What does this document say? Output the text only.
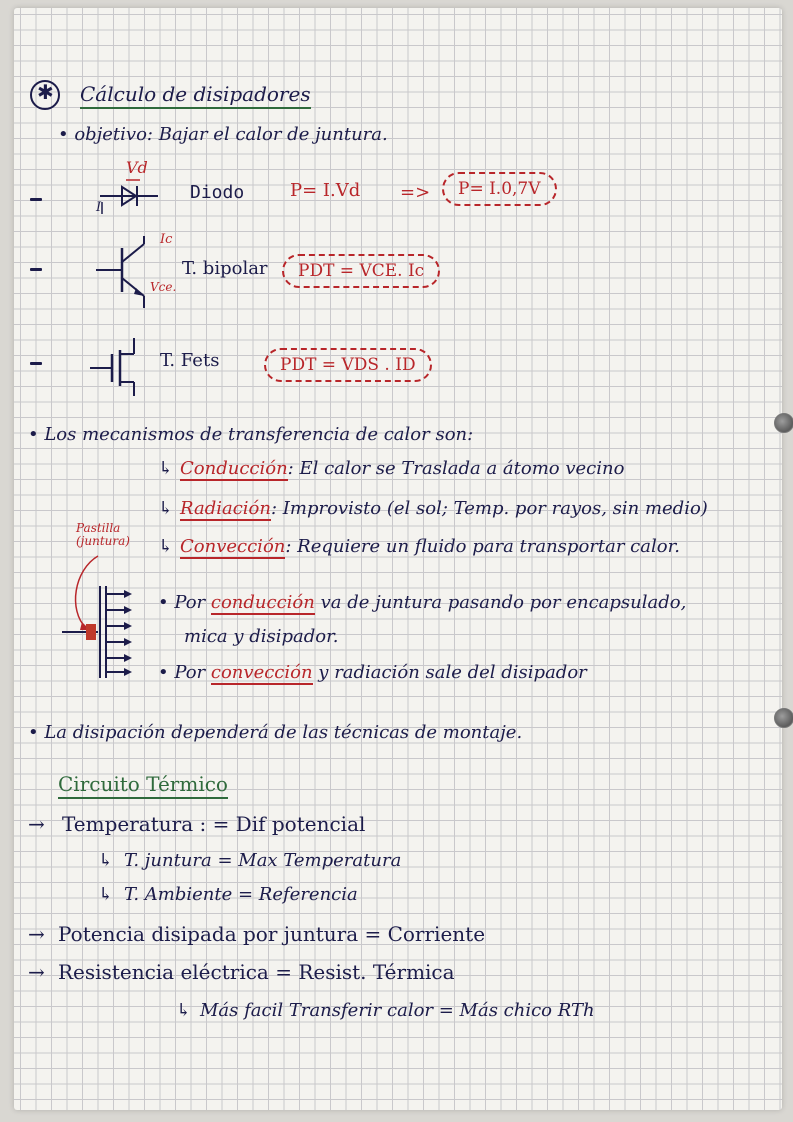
✱ Cálculo de disipadores
• objetivo: Bajar el calor de juntura.
Vd
I
Diodo	P= I.Vd =>	P= I.0,7V
Ic
Vce.
T. bipolar	PDT = VCE. Ic
T. Fets	PDT = VDS . ID
• Los mecanismos de transferencia de calor son:
↳ Conducción: El calor se Traslada a átomo vecino
↳ Radiación: Improvisto (el sol; Temp. por rayos, sin medio)
↳ Convección: Requiere un fluido para transportar calor.
Pastilla (juntura)
• Por conducción va de juntura pasando por encapsulado,
mica y disipador.
• Por convección y radiación sale del disipador
• La disipación dependerá de las técnicas de montaje.
Circuito Térmico
→ Temperatura : = Dif potencial
↳ T. juntura = Max Temperatura
↳ T. Ambiente = Referencia
→ Potencia disipada por juntura = Corriente
→ Resistencia eléctrica = Resist. Térmica
↳ Más facil Transferir calor = Más chico RTh
